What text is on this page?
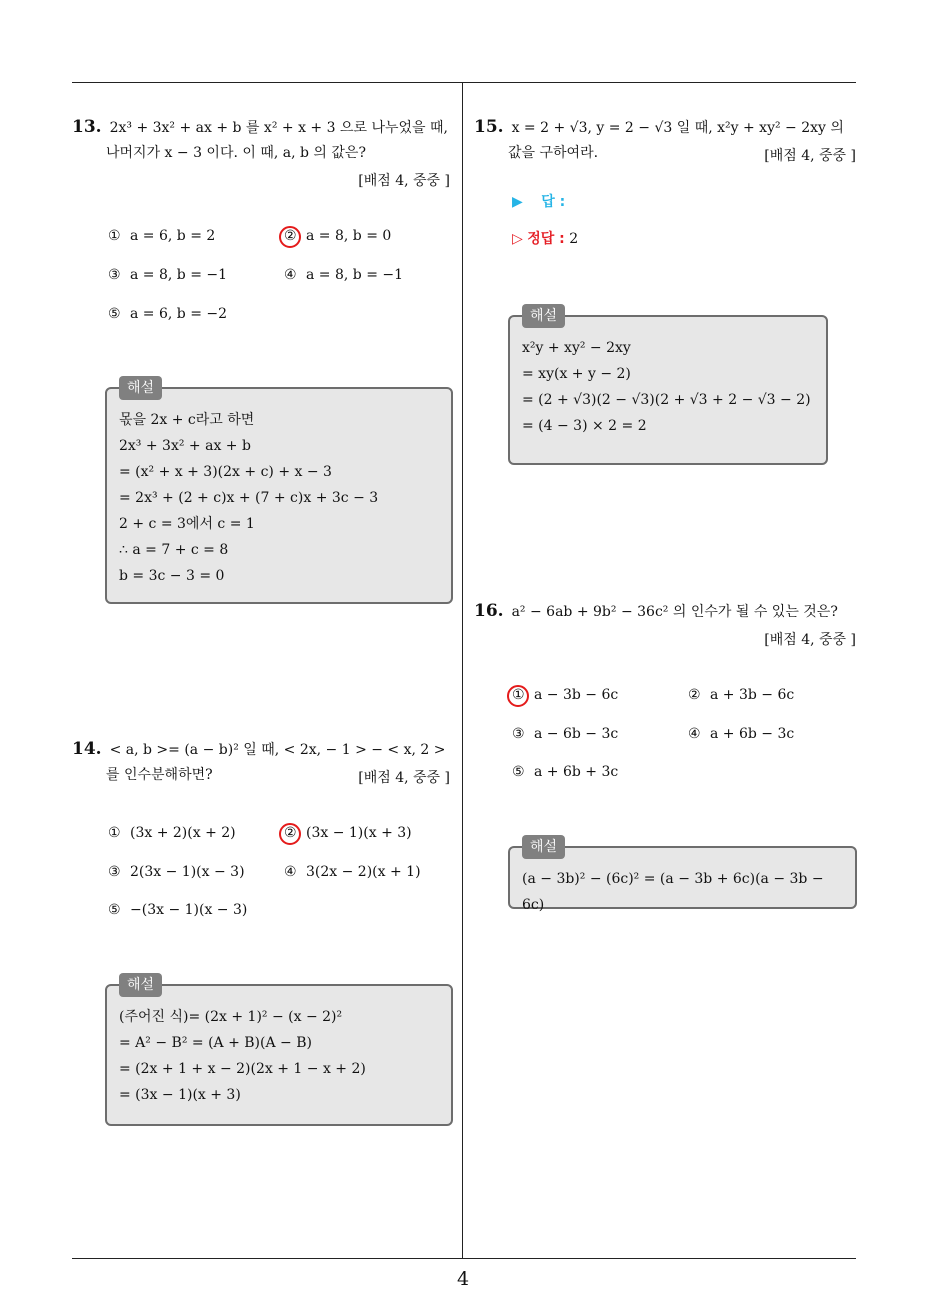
4
13. 2x³ + 3x² + ax + b 를 x² + x + 3 으로 나누었을 때,
나머지가 x − 3 이다. 이 때, a, b 의 값은?
[배점 4, 중중 ]
① a = 6, b = 2	② a = 8, b = 0
③ a = 8, b = −1	④ a = 8, b = −1
⑤ a = 6, b = −2
해설
몫을 2x + c라고 하면
2x³ + 3x² + ax + b
= (x² + x + 3)(2x + c) + x − 3
= 2x³ + (2 + c)x + (7 + c)x + 3c − 3
2 + c = 3에서 c = 1
∴ a = 7 + c = 8
b = 3c − 3 = 0
14. < a, b >= (a − b)² 일 때, < 2x, − 1 > − < x, 2 >
를 인수분해하면?	[배점 4, 중중 ]
① (3x + 2)(x + 2)	② (3x − 1)(x + 3)
③ 2(3x − 1)(x − 3)	④ 3(2x − 2)(x + 1)
⑤ −(3x − 1)(x − 3)
해설
(주어진 식)= (2x + 1)² − (x − 2)²
= A² − B² = (A + B)(A − B)
= (2x + 1 + x − 2)(2x + 1 − x + 2)
= (3x − 1)(x + 3)
15. x = 2 + √3, y = 2 − √3 일 때, x²y + xy² − 2xy 의
값을 구하여라.	[배점 4, 중중 ]
▶ 답 :
▷ 정답 : 2
해설
x²y + xy² − 2xy
= xy(x + y − 2)
= (2 + √3)(2 − √3)(2 + √3 + 2 − √3 − 2)
= (4 − 3) × 2 = 2
16. a² − 6ab + 9b² − 36c² 의 인수가 될 수 있는 것은?
[배점 4, 중중 ]
① a − 3b − 6c	② a + 3b − 6c
③ a − 6b − 3c	④ a + 6b − 3c
⑤ a + 6b + 3c
해설
(a − 3b)² − (6c)² = (a − 3b + 6c)(a − 3b − 6c)
